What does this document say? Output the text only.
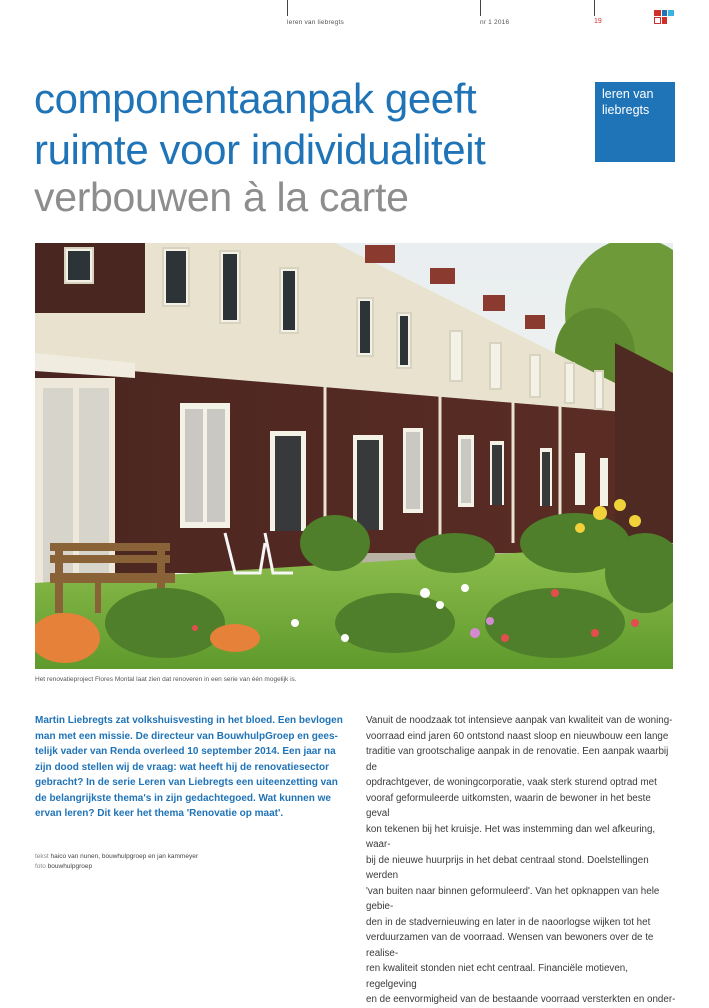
leren van liebregts	nr 1 2016	19
componentaanpak geeft
ruimte voor individualiteit
verbouwen à la carte
leren van
liebregts
Het renovatieproject Flores Montal laat zien dat renoveren in een serie van één mogelijk is.
Martin Liebregts zat volkshuisvesting in het bloed. Een bevlogen
man met een missie. De directeur van BouwhulpGroep en gees-
telijk vader van Renda overleed 10 september 2014. Een jaar na
zijn dood stellen wij de vraag: wat heeft hij de renovatiesector
gebracht? In de serie Leren van Liebregts een uiteenzetting van
de belangrijkste thema's in zijn gedachtegoed. Wat kunnen we
ervan leren? Dit keer het thema 'Renovatie op maat'.
tekst haico van nunen, bouwhulpgroep en jan kammeyer
foto bouwhulpgroep
Vanuit de noodzaak tot intensieve aanpak van kwaliteit van de woning-
voorraad eind jaren 60 ontstond naast sloop en nieuwbouw een lange
traditie van grootschalige aanpak in de renovatie. Een aanpak waarbij de
opdrachtgever, de woningcorporatie, vaak sterk sturend optrad met
vooraf geformuleerde uitkomsten, waarin de bewoner in het beste geval
kon tekenen bij het kruisje. Het was instemming dan wel afkeuring, waar-
bij de nieuwe huurprijs in het debat centraal stond. Doelstellingen werden
'van buiten naar binnen geformuleerd'. Van het opknappen van hele gebie-
den in de stadvernieuwing en later in de naoorlogse wijken tot het
verduurzamen van de voorraad. Wensen van bewoners over de te realise-
ren kwaliteit stonden niet echt centraal. Financiële motieven, regelgeving
en de eenvormigheid van de bestaande voorraad versterkten en onder-
